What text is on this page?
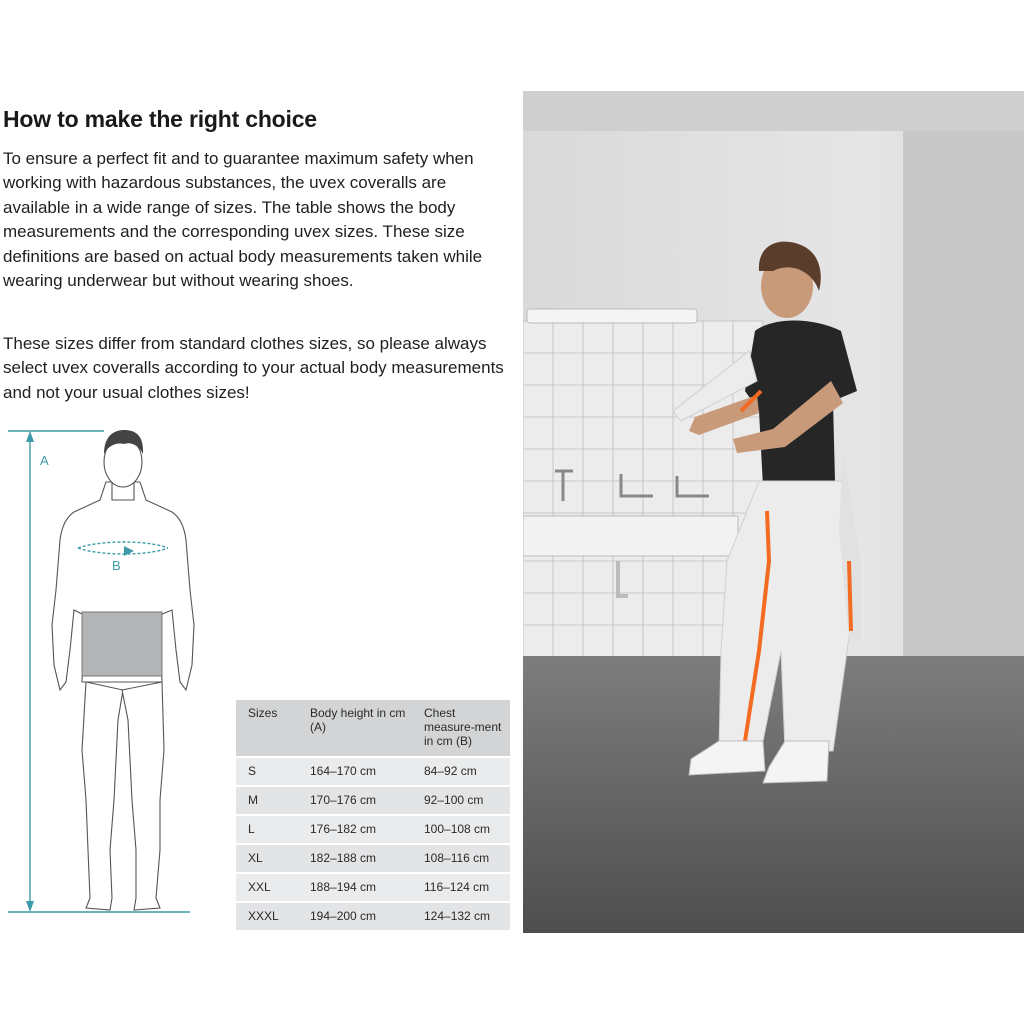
How to make the right choice

To ensure a perfect fit and to guarantee maximum safety when working with hazardous substances, the uvex coveralls are available in a wide range of sizes. The table shows the body measurements and the corresponding uvex sizes. These size definitions are based on actual body measurements taken while wearing underwear but without wearing shoes.

These sizes differ from standard clothes sizes, so please always select uvex coveralls according to your actual body measurements and not your usual clothes sizes!

A
B
Sizes	Body height in cm (A)	Chest measure-ment in cm (B)
S	164–170 cm	84–92 cm
M	170–176 cm	92–100 cm
L	176–182 cm	100–108 cm
XL	182–188 cm	108–116 cm
XXL	188–194 cm	116–124 cm
XXXL	194–200 cm	124–132 cm
